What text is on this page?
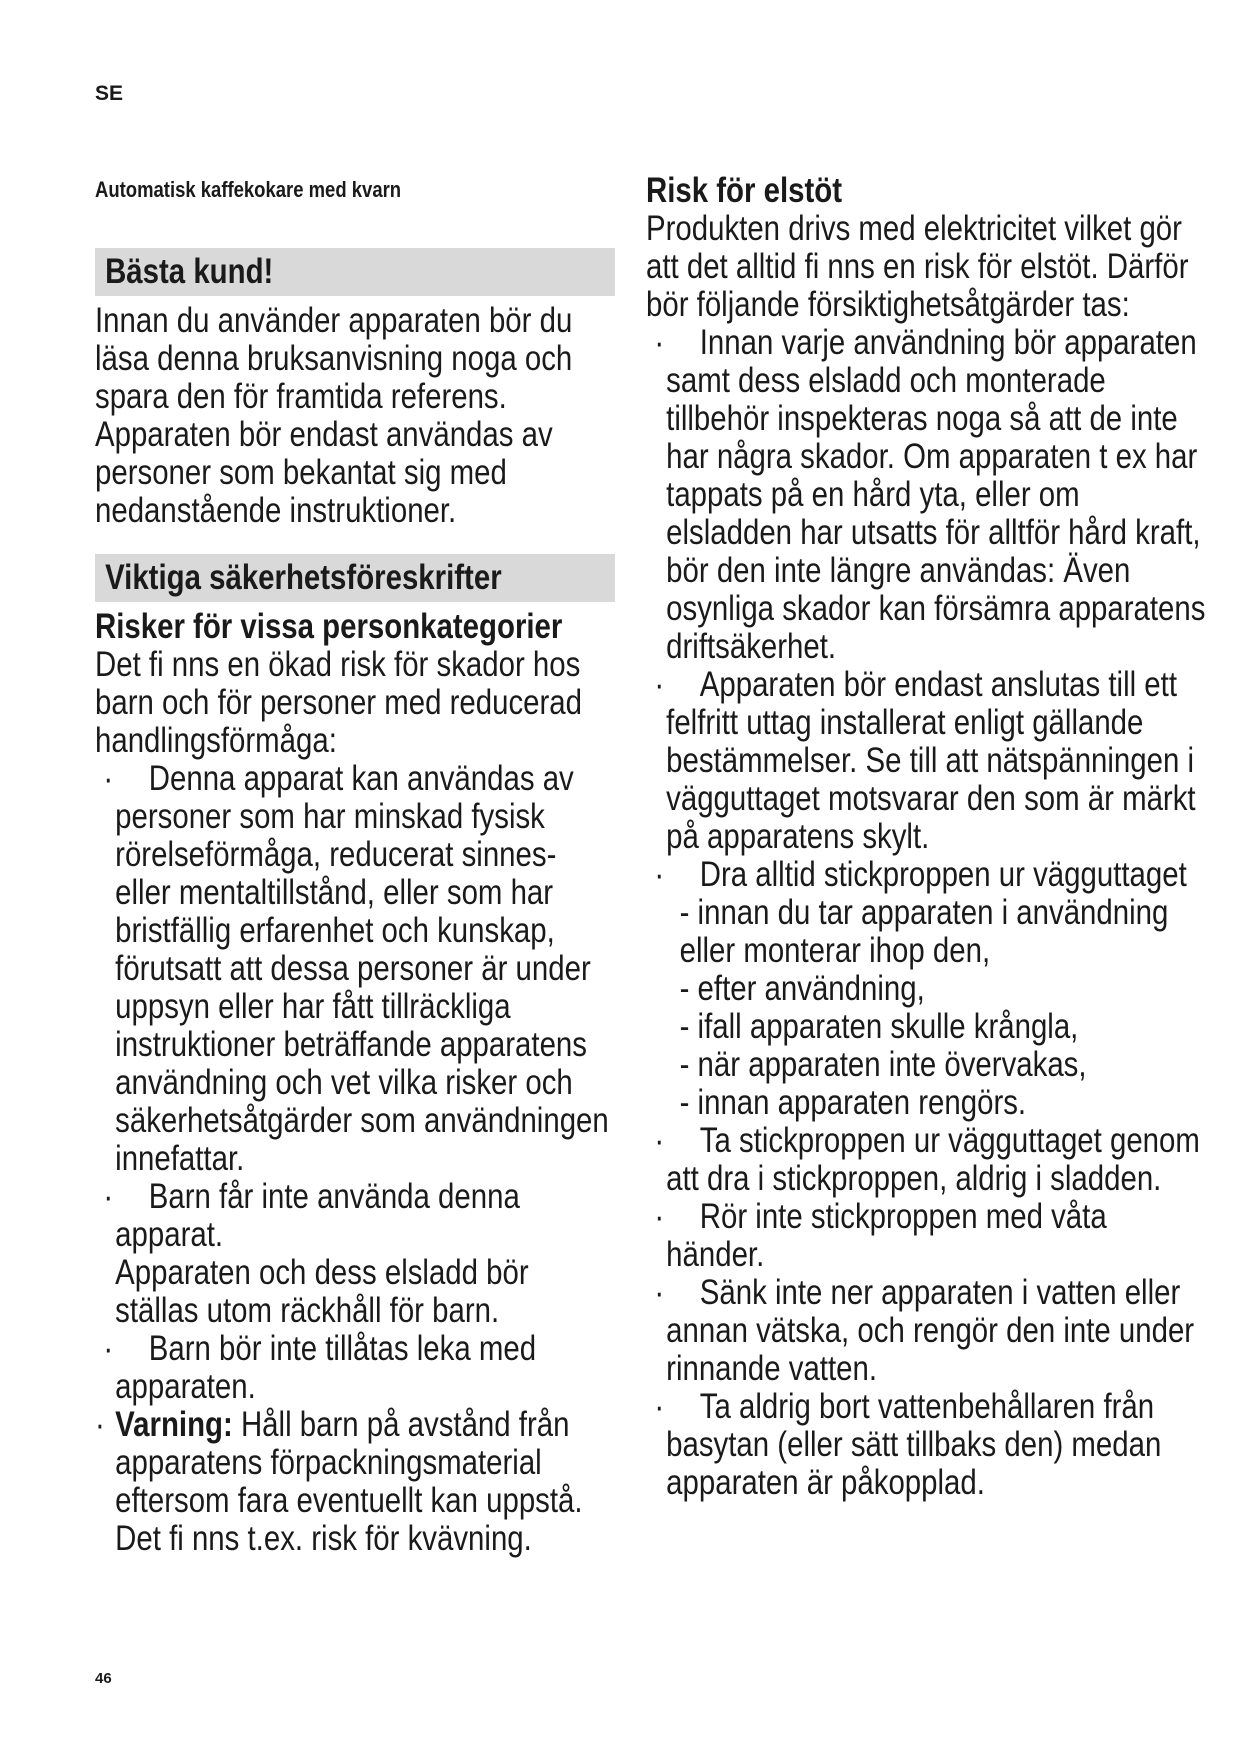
SE
Automatisk kaffekokare med kvarn
Bästa kund!

Innan du använder apparaten bör du läsa denna bruksanvisning noga och spara den för framtida referens. Apparaten bör endast användas av personer som bekantat sig med nedanstående instruktioner.

Viktiga säkerhetsföreskrifter
Risker för vissa personkategorier

Det fi nns en ökad risk för skador hos barn och för personer med reducerad handlingsförmåga:

· Denna apparat kan användas av
personer som har minskad fysisk rörelseförmåga, reducerat sinnes- eller mentaltillstånd, eller som har bristfällig erfarenhet och kunskap, förutsatt att dessa personer är under uppsyn eller har fått tillräckliga instruktioner beträffande apparatens användning och vet vilka risker och säkerhetsåtgärder som användningen innefattar.
· Barn får inte använda denna apparat.
Apparaten och dess elsladd bör ställas utom räckhåll för barn.
· Barn bör inte tillåtas leka med
apparaten.
· Varning: Håll barn på avstånd från apparatens förpackningsmaterial eftersom fara eventuellt kan uppstå. Det fi nns t.ex. risk för kvävning.
Risk för elstöt

Produkten drivs med elektricitet vilket gör att det alltid fi nns en risk för elstöt. Därför bör följande försiktighetsåtgärder tas:

· Innan varje användning bör apparaten
samt dess elsladd och monterade tillbehör inspekteras noga så att de inte har några skador. Om apparaten t ex har tappats på en hård yta, eller om elsladden har utsatts för alltför hård kraft, bör den inte längre användas: Även osynliga skador kan försämra apparatens driftsäkerhet.
· Apparaten bör endast anslutas till ett
felfritt uttag installerat enligt gällande bestämmelser. Se till att nätspänningen i vägguttaget motsvarar den som är märkt på apparatens skylt.
· Dra alltid stickproppen ur vägguttaget
- innan du tar apparaten i användning eller monterar ihop den,
- efter användning,
- ifall apparaten skulle krångla,
- när apparaten inte övervakas,
- innan apparaten rengörs.
· Ta stickproppen ur vägguttaget genom
att dra i stickproppen, aldrig i sladden.
· Rör inte stickproppen med våta händer.
· Sänk inte ner apparaten i vatten eller
annan vätska, och rengör den inte under rinnande vatten.
· Ta aldrig bort vattenbehållaren från
basytan (eller sätt tillbaks den) medan apparaten är påkopplad.
46
